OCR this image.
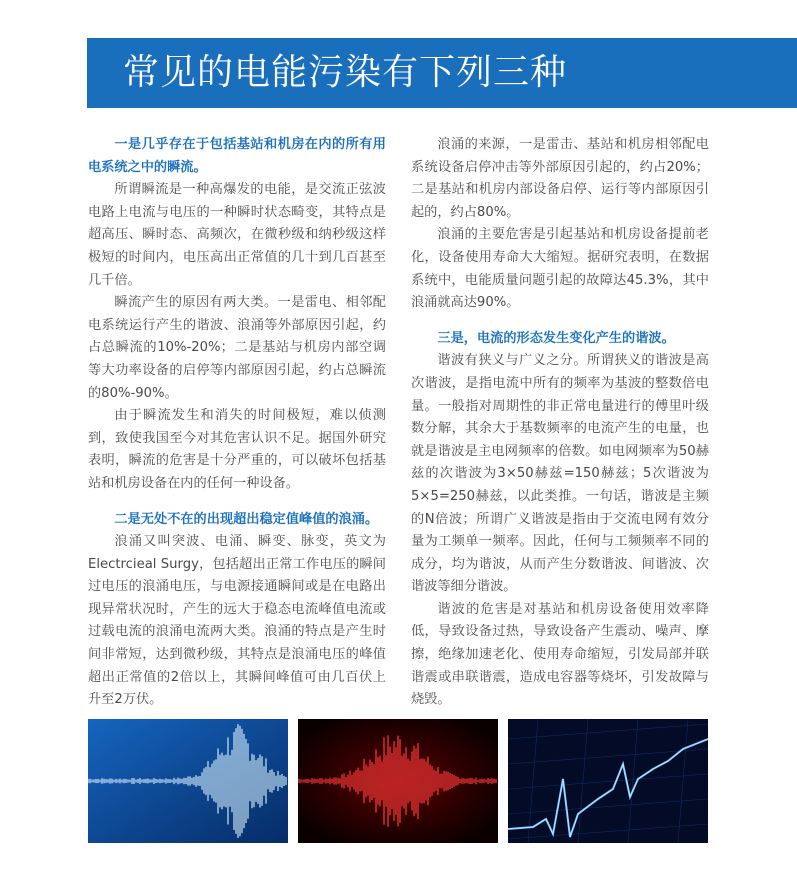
常见的电能污染有下列三种

一是几乎存在于包括基站和机房在内的所有用电系统之中的瞬流。

所谓瞬流是一种高爆发的电能，是交流正弦波电路上电流与电压的一种瞬时状态畸变，其特点是超高压、瞬时态、高频次，在微秒级和纳秒级这样极短的时间内，电压高出正常值的几十到几百甚至几千倍。

瞬流产生的原因有两大类。一是雷电、相邻配电系统运行产生的谐波、浪涌等外部原因引起，约占总瞬流的10%-20%；二是基站与机房内部空调等大功率设备的启停等内部原因引起，约占总瞬流的80%-90%。

由于瞬流发生和消失的时间极短，难以侦测到，致使我国至今对其危害认识不足。据国外研究表明，瞬流的危害是十分严重的，可以破坏包括基站和机房设备在内的任何一种设备。

二是无处不在的出现超出稳定值峰值的浪涌。

浪涌又叫突波、电涌、瞬变、脉变，英文为Electrcieal Surgy，包括超出正常工作电压的瞬间过电压的浪涌电压，与电源接通瞬间或是在电路出现异常状况时，产生的远大于稳态电流峰值电流或过载电流的浪涌电流两大类。浪涌的特点是产生时间非常短，达到微秒级，其特点是浪涌电压的峰值超出正常值的2倍以上，其瞬间峰值可由几百伏上升至2万伏。

浪涌的来源，一是雷击、基站和机房相邻配电系统设备启停冲击等外部原因引起的，约占20%；二是基站和机房内部设备启停、运行等内部原因引起的，约占80%。

浪涌的主要危害是引起基站和机房设备提前老化，设备使用寿命大大缩短。据研究表明，在数据系统中，电能质量问题引起的故障达45.3%，其中浪涌就高达90%。

三是，电流的形态发生变化产生的谐波。

谐波有狭义与广义之分。所谓狭义的谐波是高次谐波，是指电流中所有的频率为基波的整数倍电量。一般指对周期性的非正常电量进行的傅里叶级数分解，其余大于基数频率的电流产生的电量，也就是谐波是主电网频率的倍数。如电网频率为50赫兹的次谐波为3×50赫兹=150赫兹；5次谐波为5×5=250赫兹，以此类推。一句话，谐波是主频的N倍波；所谓广义谐波是指由于交流电网有效分量为工频单一频率。因此，任何与工频频率不同的成分，均为谐波，从而产生分数谐波、间谐波、次谐波等细分谐波。

谐波的危害是对基站和机房设备使用效率降低，导致设备过热，导致设备产生震动、噪声、摩擦，绝缘加速老化、使用寿命缩短，引发局部并联谐震或串联谐震，造成电容器等烧坏，引发故障与烧毁。
